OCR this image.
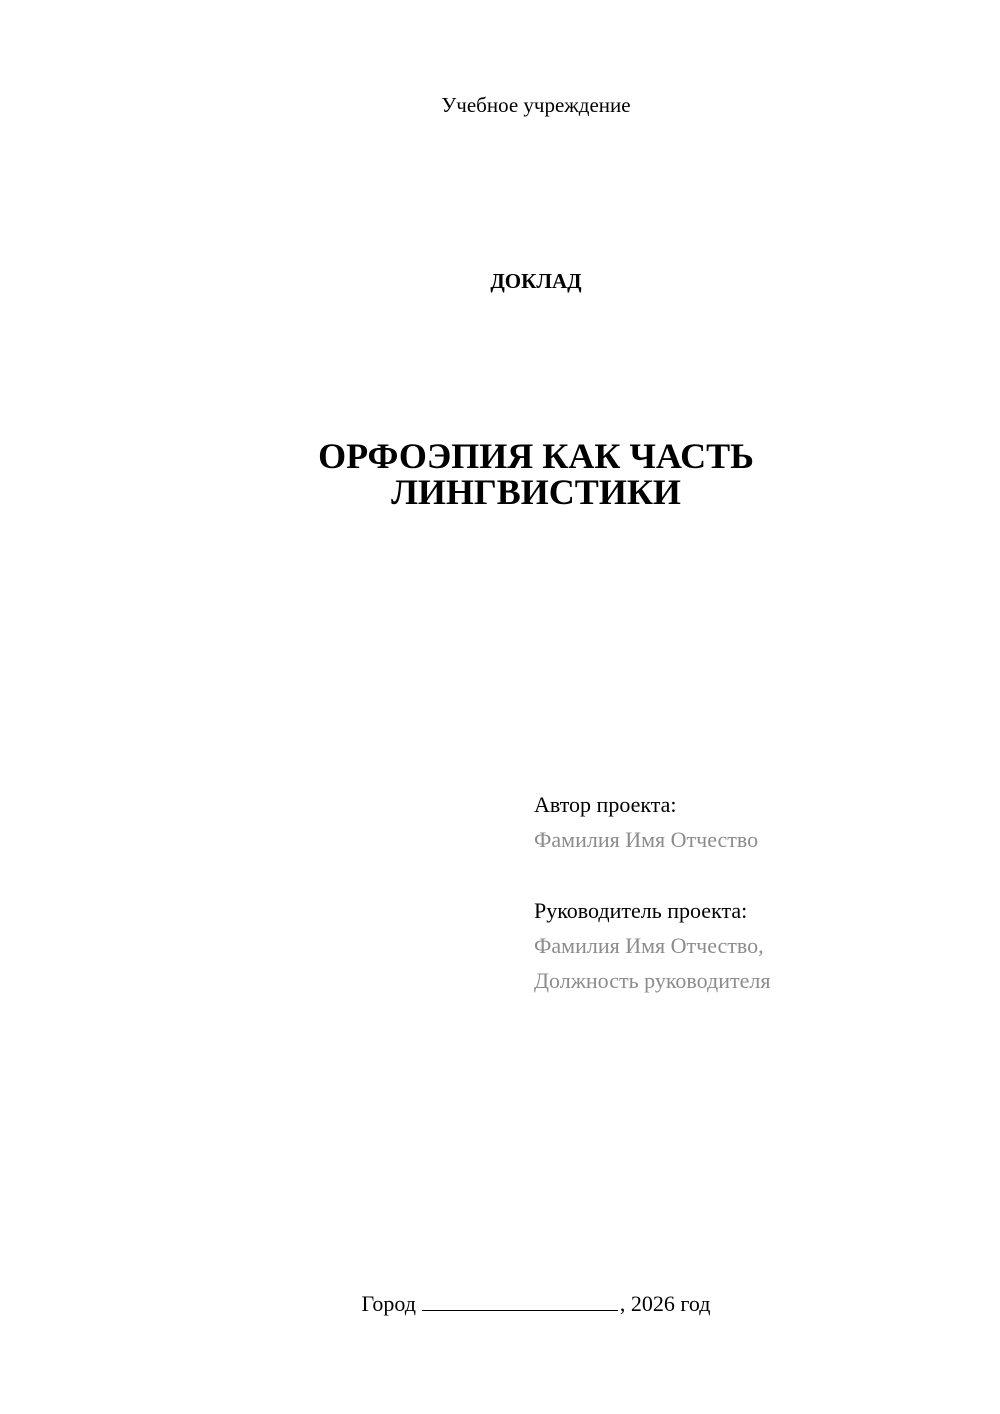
Учебное учреждение
ДОКЛАД
ОРФОЭПИЯ КАК ЧАСТЬ
ЛИНГВИСТИКИ
Автор проекта:
Фамилия Имя Отчество
Руководитель проекта:
Фамилия Имя Отчество,
Должность руководителя
Город	, 2026 год
